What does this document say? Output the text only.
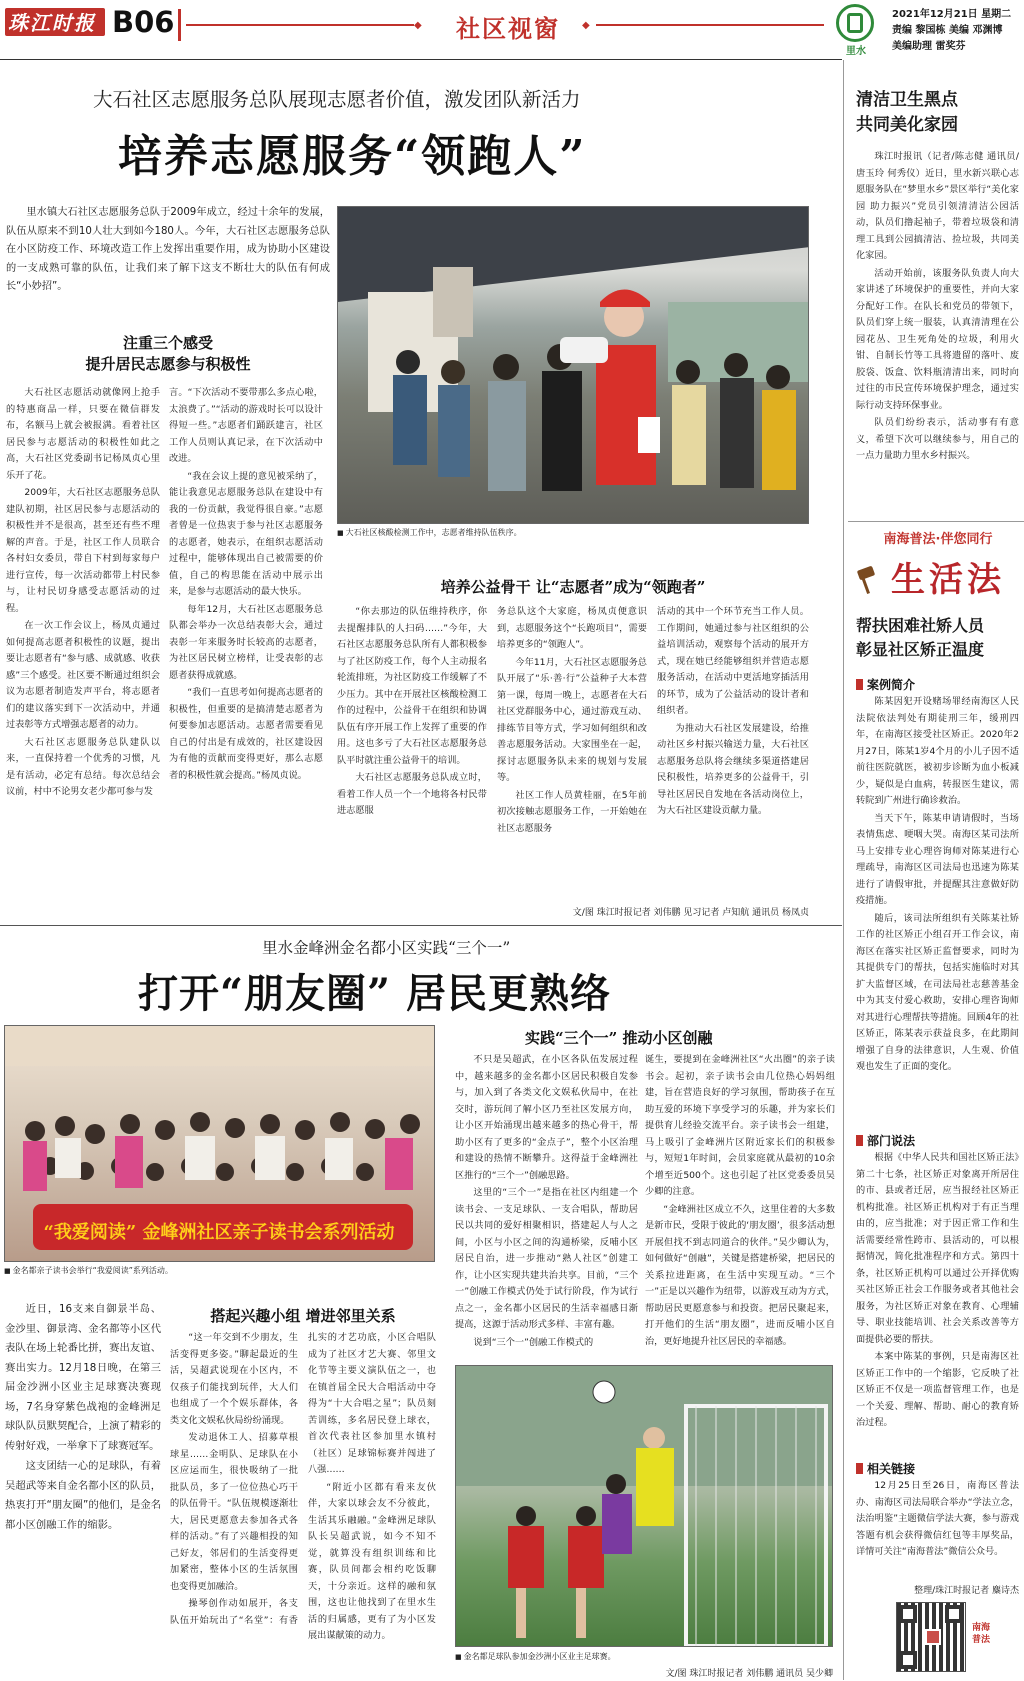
珠江时报 B06	◆	社区视窗	◆
里水
2021年12月21日 星期二
责编 黎国栋 美编 邓渊博
美编助理 雷奖芬
大石社区志愿服务总队展现志愿者价值，激发团队新活力
培养志愿服务“领跑人”

里水镇大石社区志愿服务总队于2009年成立，经过十余年的发展，队伍从原来不到10人壮大到如今180人。今年，大石社区志愿服务总队在小区防疫工作、环境改造工作上发挥出重要作用，成为协助小区建设的一支成熟可靠的队伍，让我们来了解下这支不断壮大的队伍有何成长“小妙招”。

注重三个感受
提升居民志愿参与积极性

大石社区志愿活动就像网上抢手的特惠商品一样，只要在微信群发布，名额马上就会被报满。看着社区居民参与志愿活动的积极性如此之高，大石社区党委副书记杨凤贞心里乐开了花。

2009年，大石社区志愿服务总队建队初期，社区居民参与志愿活动的积极性并不是很高，甚至还有些不理解的声音。于是，社区工作人员联合各村妇女委员，带自下村到每家每户进行宣传，每一次活动都带上村民参与，让村民切身感受志愿活动的过程。

在一次工作会议上，杨凤贞通过如何提高志愿者积极性的议题，提出要让志愿者有“参与感、成就感、收获感”三个感受。社区要不断通过组织会议为志愿者制造发声平台，将志愿者们的建议落实到下一次活动中，并通过表彰等方式增强志愿者的动力。

大石社区志愿服务总队建队以来，一直保持着一个优秀的习惯，凡是有活动，必定有总结。每次总结会议前，村中不论男女老少都可参与发

言。“下次活动不要带那么多点心啦，太浪费了。”“活动的游戏时长可以设计得短一些。”志愿者们踊跃建言，社区工作人员则认真记录，在下次活动中改进。

“我在会议上提的意见被采纳了，能让我意见志愿服务总队在建设中有我的一份贡献，我觉得很自豪。”志愿者曾是一位热衷于参与社区志愿服务的志愿者，她表示，在组织志愿活动过程中，能够体现出自己被需要的价值，自己的构思能在活动中展示出来，是参与志愿活动的最大快乐。

每年12月，大石社区志愿服务总队都会举办一次总结表彰大会，通过表彰一年来服务时长较高的志愿者，为社区居民树立榜样，让受表彰的志愿者获得成就感。

“我们一直思考如何提高志愿者的积极性，但重要的是搞清楚志愿者为何要参加志愿活动。志愿者需要看见自己的付出是有成效的，社区建设因为有他的贡献而变得更好，那么志愿者的积极性就会提高。”杨凤贞说。

■ 大石社区核酸检测工作中，志愿者维持队伍秩序。
培养公益骨干 让“志愿者”成为“领跑者”

“你去那边的队伍维持秩序，你去提醒排队的人扫码……”今年，大石社区志愿服务总队所有人都积极参与了社区防疫工作，每个人主动报名轮流排班，为社区防疫工作缓解了不少压力。其中在开展社区核酸检测工作的过程中，公益骨干在组织和协调队伍有序开展工作上发挥了重要的作用。这也多亏了大石社区志愿服务总队平时就注重公益骨干的培训。

大石社区志愿服务总队成立时，看着工作人员一个一个地将各村民带进志愿服

务总队这个大家庭，杨凤贞便意识到，志愿服务这个“长跑项目”，需要培养更多的“领跑人”。

今年11月，大石社区志愿服务总队开展了“乐·善·行”公益种子大本营第一课，每周一晚上，志愿者在大石社区党群服务中心，通过游戏互动、排练节目等方式，学习如何组织和改善志愿服务活动。大家围坐在一起，探讨志愿服务队未来的规划与发展等。

社区工作人员黄桂丽，在5年前初次接触志愿服务工作，一开始她在社区志愿服务

活动的其中一个环节充当工作人员。工作期间，她通过参与社区组织的公益培训活动，观察每个活动的展开方式，现在她已经能够组织并营造志愿服务活动，在活动中更活地穿插活用的环节，成为了公益活动的设计者和组织者。

为推动大石社区发展建设，给推动社区乡村振兴输送力量，大石社区志愿服务总队将会继续多渠道搭建居民积极性，培养更多的公益骨干，引导社区居民自发地在各活动岗位上，为大石社区建设贡献力量。

文/图 珠江时报记者 刘伟鹏 见习记者 卢知航 通讯员 杨凤贞
里水金峰洲金名都小区实践“三个一”
打开“朋友圈” 居民更熟络
“我爱阅读” 金峰洲社区亲子读书会系列活动
■ 金名都亲子读书会举行“我爱阅读”系列活动。
实践“三个一” 推动小区创融

不只是吴超武，在小区各队伍发展过程中，越来越多的金名都小区居民积极自发参与，加入到了各类文化文娱私伙局中，在社交时，游玩间了解小区乃至社区发展方向，让小区开始涌现出越来越多的热心骨干，帮助小区有了更多的“金点子”，整个小区治理和建设的热情不断攀升。这得益于金峰洲社区推行的“三个一”创融思路。

这里的“三个一”是指在社区内组建一个读书会、一支足球队、一支合唱队，帮助居民以共同的爱好相聚相识，搭建起人与人之间，小区与小区之间的沟通桥梁，反哺小区居民自治，进一步推动“熟人社区”创建工作，让小区实现共建共治共享。目前，“三个一”创融工作模式仍处于试行阶段，作为试行点之一，金名都小区居民的生活幸福感日渐提高，这源于活动形式多样、丰富有趣。

说到“三个一”创融工作模式的

诞生，要提到在金峰洲社区“火出圈”的亲子读书会。起初，亲子读书会由几位热心妈妈组建，旨在营造良好的学习氛围，帮助孩子在互助互爱的环境下享受学习的乐趣，并为家长们提供育儿经验交流平台。亲子读书会一组建，马上吸引了金峰洲片区附近家长们的积极参与，短短1年时间，会员家庭就从最初的10余个增至近500个。这也引起了社区党委委员吴少卿的注意。

“金峰洲社区成立不久，这里住着的大多数是新市民，受限于彼此的‘朋友圈’，很多活动想开展但找不到志同道合的伙伴。”吴少卿认为，如何做好“创融”，关键是搭建桥梁，把居民的关系拉进距离，在生活中实现互动。“三个一”正是以兴趣作为纽带，以游戏互动为方式，帮助居民更愿意参与和投资。把居民聚起来，打开他们的生活“朋友圈”，进而反哺小区自治，更好地提升社区居民的幸福感。

近日，16支来自御景半岛、金沙里、御景湾、金名都等小区代表队在场上轮番比拼，赛出友谊、赛出实力。12月18日晚，在第三届金沙洲小区业主足球赛决赛现场，7名身穿紫色战袍的金峰洲足球队队员默契配合，上演了精彩的传射好戏，一举拿下了球赛冠军。

这支团结一心的足球队，有着吴超武等来自金名都小区的队员，热衷打开“朋友圈”的他们，是金名都小区创融工作的缩影。

搭起兴趣小组 增进邻里关系

“这一年交到不少朋友，生活变得更多姿。”聊起最近的生活，吴超武说现在小区内，不仅孩子们能找到玩伴，大人们也组成了一个个娱乐群体，各类文化文娱私伙局纷纷涌现。

发动退休工人、招募草根球星……金明队、足球队在小区应运而生，很快吸纳了一批批队员，多了一位位热心巧干的队伍骨干。“队伍规模逐渐壮大，居民更愿意去参加各式各样的活动。”有了兴趣相投的知己好友，邻居们的生活变得更加紧密，整体小区的生活氛围也变得更加融洽。

操琴创作动如展开，各支队伍开始玩出了“名堂”：有香扎实的才艺功底，小区合唱队成为了社区才艺大赛、邻里文化节等主要义演队伍之一，也在镇首届全民大合唱活动中夺得为“十大合唱之星”；队员刻苦训练，多名居民登上球衣，首次代表社区参加里水镇村（社区）足球锦标赛并闯进了八强……

“附近小区都有看来友伙伴，大家以球会友不分彼此，生活其乐融融。”金峰洲足球队队长吴超武说，如今不知不觉，就算没有组织训练和比赛，队员间都会相约吃饭聊天，十分亲近。这样的融和氛围，这也让他找到了在里水生活的归属感，更有了为小区发展出谋献策的动力。

■ 金名都足球队参加金沙洲小区业主足球赛。
文/图 珠江时报记者 刘伟鹏 通讯员 吴少卿
清洁卫生黑点
共同美化家园

珠江时报讯（记者/陈志健 通讯员/唐玉玲 何秀仪）近日，里水新兴联心志愿服务队在“梦里水乡”景区举行“美化家园 助力振兴”党员引领清清洁公园活动，队员们撸起袖子，带着垃圾袋和清理工具到公园搞清洁、捡垃圾，共同美化家园。

活动开始前，该服务队负责人向大家讲述了环境保护的重要性，并向大家分配好工作。在队长和党员的带领下，队员们穿上统一服装，认真清清理在公园花丛、卫生死角处的垃圾，利用火钳、自制长竹等工具将遗留的落叶、废胶袋、饭盒、饮料瓶清清出来，同时向过往的市民宣传环境保护理念，通过实际行动支持环保事业。

队员们纷纷表示，活动事有有意义，希望下次可以继续参与，用自己的一点力量助力里水乡村振兴。

南海普法·伴您同行
生活法
帮扶困难社矫人员
彰显社区矫正温度
案例简介

陈某因犯开设赌场罪经南海区人民法院依法判处有期徒刑三年，缓刑四年，在南海区接受社区矫正。2020年2月27日，陈某1岁4个月的小儿子因不适前往医院就医，被初步诊断为血小板减少，疑似是白血病，转报医生建议，需转院到广州进行确诊救治。

当天下午，陈某申请请假时，当场表情焦虑、哽咽大哭。南海区某司法所马上安排专业心理咨询师对陈某进行心理疏导，南海区区司法局也迅速为陈某进行了请假审批，并提醒其注意做好防疫措施。

随后，该司法所组织有关陈某社矫工作的社区矫正小组召开工作会议，南海区在落实社区矫正监督要求，同时为其提供专门的帮扶，包括实施临时对其扩大监督区域，在司法局社志慈善基金中为其支付爱心救助，安排心理咨询师对其进行心理帮扶等措施。回顾4年的社区矫正，陈某表示获益良多，在此期间增强了自身的法律意识，人生观、价值观也发生了正面的变化。

部门说法

根据《中华人民共和国社区矫正法》第二十七条，社区矫正对象离开所居住的市、县或者迁居，应当报经社区矫正机构批准。社区矫正机构对于有正当理由的，应当批准；对于因正常工作和生活需要经常性跨市、县活动的，可以根据情况，简化批准程序和方式。第四十条，社区矫正机构可以通过公开择优购买社区矫正社会工作服务或者其他社会服务，为社区矫正对象在教育、心理辅导、职业技能培训、社会关系改善等方面提供必要的帮扶。

本案中陈某的事例，只是南海区社区矫正工作中的一个缩影，它反映了社区矫正不仅是一项监督管理工作，也是一个关爱、理解、帮助、耐心的教育矫治过程。

相关链接

12月25日至26日，南海区普法办、南海区司法局联合举办“学法立念，法治明鉴”主题微信学法大赛，参与游戏答题有机会获得微信红包等丰厚奖品，详情可关注“南海普法”微信公众号。

整理/珠江时报记者 麋诗杰
南海普法
